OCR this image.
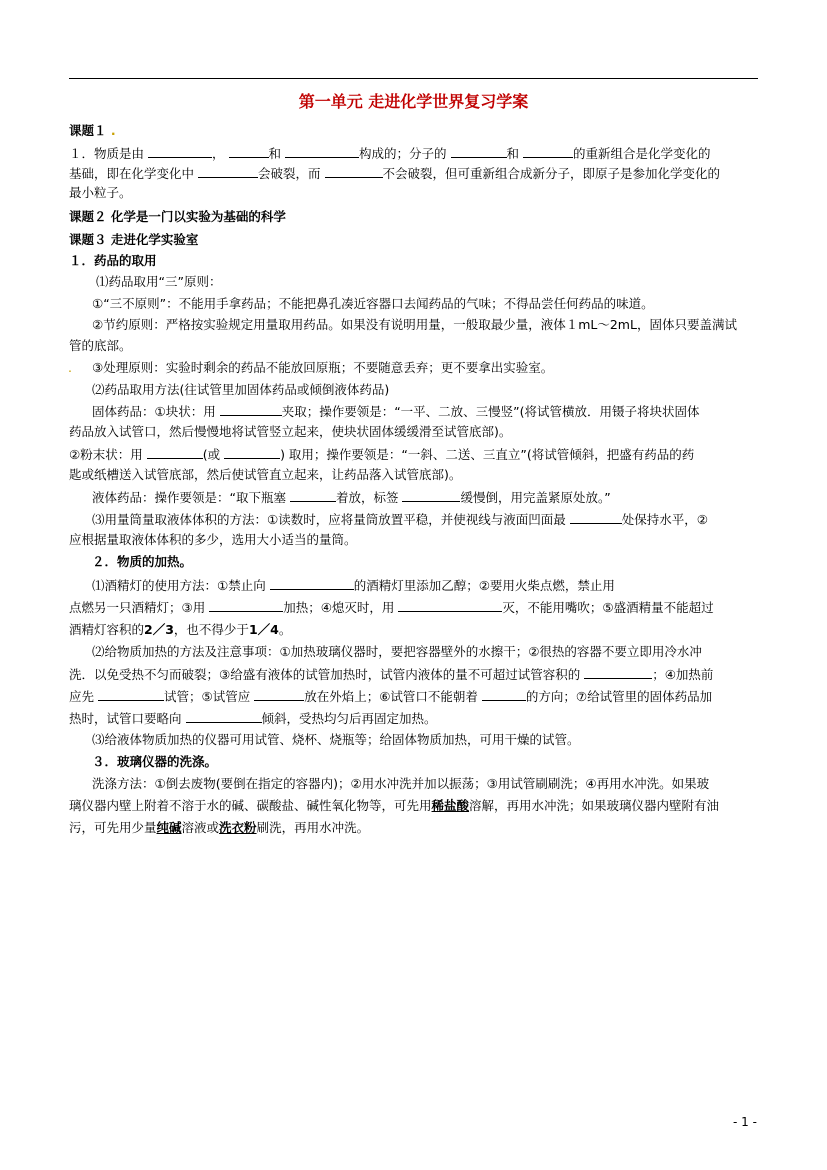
第一单元 走进化学世界复习学案
课题１ .
１．物质是由	，	和	构成的；分子的	和	的重新组合是化学变化的
基础，即在化学变化中	会破裂，而	不会破裂，但可重新组合成新分子，即原子是参加化学变化的
最小粒子。
课题２ 化学是一门以实验为基础的科学
课题３ 走进化学实验室
１．药品的取用
⑴药品取用“三”原则：
①“三不原则”：不能用手拿药品；不能把鼻孔凑近容器口去闻药品的气味；不得品尝任何药品的味道。
②节约原则：严格按实验规定用量取用药品。如果没有说明用量，一般取最少量，液体１mL～2mL，固体只要盖满试
管的底部。
. ③处理原则：实验时剩余的药品不能放回原瓶；不要随意丢弃；更不要拿出实验室。
⑵药品取用方法(往试管里加固体药品或倾倒液体药品)
固体药品：①块状：用	夹取；操作要领是：“一平、二放、三慢竖”(将试管横放．用镊子将块状固体
药品放入试管口，然后慢慢地将试管竖立起来，使块状固体缓缓滑至试管底部)。
②粉末状：用	(或	) 取用；操作要领是：“一斜、二送、三直立”(将试管倾斜，把盛有药品的药
匙或纸槽送入试管底部，然后使试管直立起来，让药品落入试管底部)。
液体药品：操作要领是：“取下瓶塞	着放，标签	缓慢倒，用完盖紧原处放。”
⑶用量筒量取液体体积的方法：①读数时，应将量筒放置平稳，并使视线与液面凹面最	处保持水平，②
应根据量取液体体积的多少，选用大小适当的量筒。
２．物质的加热。
⑴酒精灯的使用方法：①禁止向	的酒精灯里添加乙醇；②要用火柴点燃，禁止用
点燃另一只酒精灯；③用	加热；④熄灭时，用	灭，不能用嘴吹；⑤盛酒精量不能超过
酒精灯容积的2／3，也不得少于1／4。
⑵给物质加热的方法及注意事项：①加热玻璃仪器时，要把容器壁外的水擦干；②很热的容器不要立即用冷水冲
洗．以免受热不匀而破裂；③给盛有液体的试管加热时，试管内液体的量不可超过试管容积的	；④加热前
应先	试管；⑤试管应	放在外焰上；⑥试管口不能朝着	的方向；⑦给试管里的固体药品加
热时，试管口要略向	倾斜，受热均匀后再固定加热。
⑶给液体物质加热的仪器可用试管、烧杯、烧瓶等；给固体物质加热，可用干燥的试管。
３．玻璃仪器的洗涤。
洗涤方法：①倒去废物(要倒在指定的容器内)；②用水冲洗并加以振荡；③用试管刷刷洗；④再用水冲洗。如果玻
璃仪器内壁上附着不溶于水的碱、碳酸盐、碱性氧化物等，可先用稀盐酸溶解，再用水冲洗；如果玻璃仪器内壁附有油
污，可先用少量纯碱溶液或洗衣粉刷洗，再用水冲洗。
- 1 -
